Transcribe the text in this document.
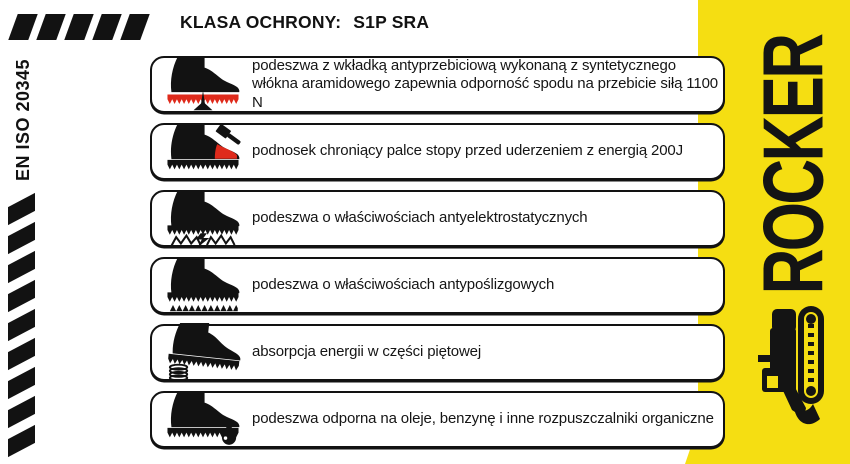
ROCKER
KLASA OCHRONY: S1P SRA
EN ISO 20345	podeszwa z wkładką antyprzebiciową wykonaną z syntetycznego włókna aramidowego zapewnia odporność spodu na przebicie siłą 1100 N
podnosek chroniący palce stopy przed uderzeniem z energią 200J
podeszwa o właściwościach antyelektrostatycznych
podeszwa o właściwościach antypoślizgowych
absorpcja energii w części piętowej
podeszwa odporna na oleje, benzynę i inne rozpuszczalniki organiczne
